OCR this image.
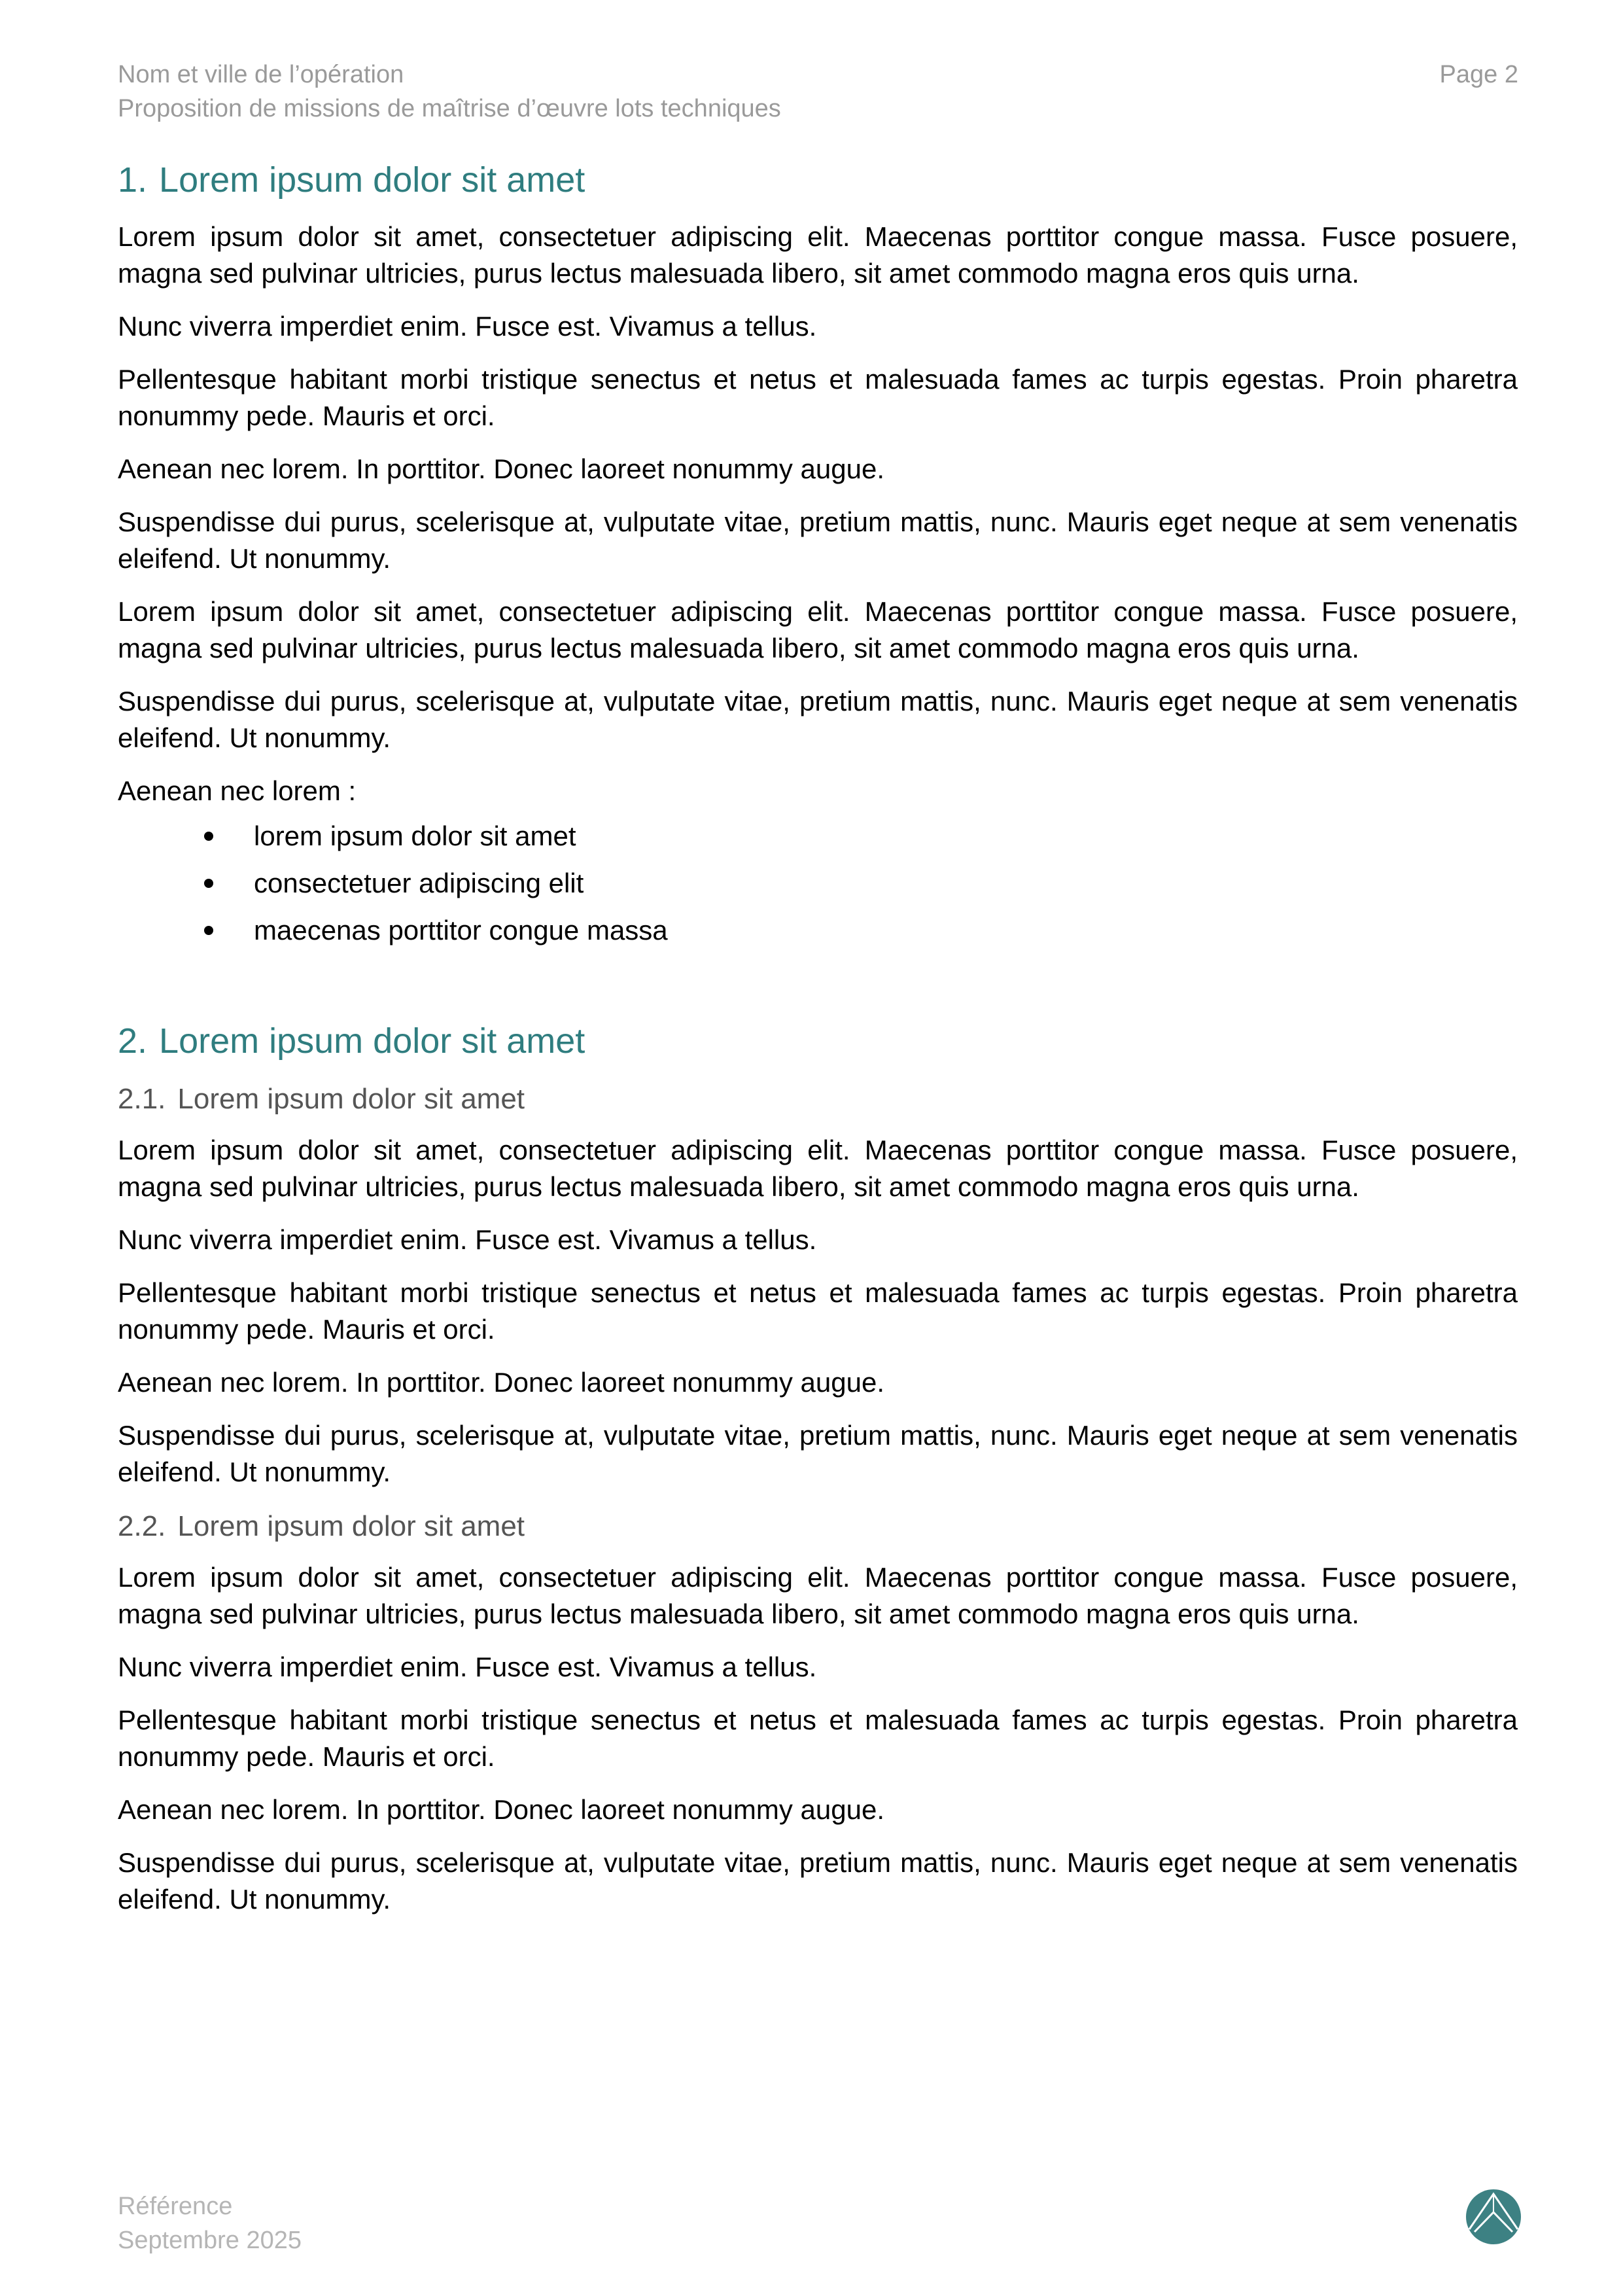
Nom et ville de l’opération
Proposition de missions de maîtrise d’œuvre lots techniques
Page 2
1. Lorem ipsum dolor sit amet

Lorem ipsum dolor sit amet, consectetuer adipiscing elit. Maecenas porttitor congue massa. Fusce posuere, magna sed pulvinar ultricies, purus lectus malesuada libero, sit amet commodo magna eros quis urna.

Nunc viverra imperdiet enim. Fusce est. Vivamus a tellus.

Pellentesque habitant morbi tristique senectus et netus et malesuada fames ac turpis egestas. Proin pharetra nonummy pede. Mauris et orci.

Aenean nec lorem. In porttitor. Donec laoreet nonummy augue.

Suspendisse dui purus, scelerisque at, vulputate vitae, pretium mattis, nunc. Mauris eget neque at sem venenatis eleifend. Ut nonummy.

Lorem ipsum dolor sit amet, consectetuer adipiscing elit. Maecenas porttitor congue massa. Fusce posuere, magna sed pulvinar ultricies, purus lectus malesuada libero, sit amet commodo magna eros quis urna.

Suspendisse dui purus, scelerisque at, vulputate vitae, pretium mattis, nunc. Mauris eget neque at sem venenatis eleifend. Ut nonummy.

Aenean nec lorem :

lorem ipsum dolor sit amet
consectetuer adipiscing elit
maecenas porttitor congue massa
2. Lorem ipsum dolor sit amet
2.1. Lorem ipsum dolor sit amet

Lorem ipsum dolor sit amet, consectetuer adipiscing elit. Maecenas porttitor congue massa. Fusce posuere, magna sed pulvinar ultricies, purus lectus malesuada libero, sit amet commodo magna eros quis urna.

Nunc viverra imperdiet enim. Fusce est. Vivamus a tellus.

Pellentesque habitant morbi tristique senectus et netus et malesuada fames ac turpis egestas. Proin pharetra nonummy pede. Mauris et orci.

Aenean nec lorem. In porttitor. Donec laoreet nonummy augue.

Suspendisse dui purus, scelerisque at, vulputate vitae, pretium mattis, nunc. Mauris eget neque at sem venenatis eleifend. Ut nonummy.

2.2. Lorem ipsum dolor sit amet

Lorem ipsum dolor sit amet, consectetuer adipiscing elit. Maecenas porttitor congue massa. Fusce posuere, magna sed pulvinar ultricies, purus lectus malesuada libero, sit amet commodo magna eros quis urna.

Nunc viverra imperdiet enim. Fusce est. Vivamus a tellus.

Pellentesque habitant morbi tristique senectus et netus et malesuada fames ac turpis egestas. Proin pharetra nonummy pede. Mauris et orci.

Aenean nec lorem. In porttitor. Donec laoreet nonummy augue.

Suspendisse dui purus, scelerisque at, vulputate vitae, pretium mattis, nunc. Mauris eget neque at sem venenatis eleifend. Ut nonummy.

Référence
Septembre 2025
